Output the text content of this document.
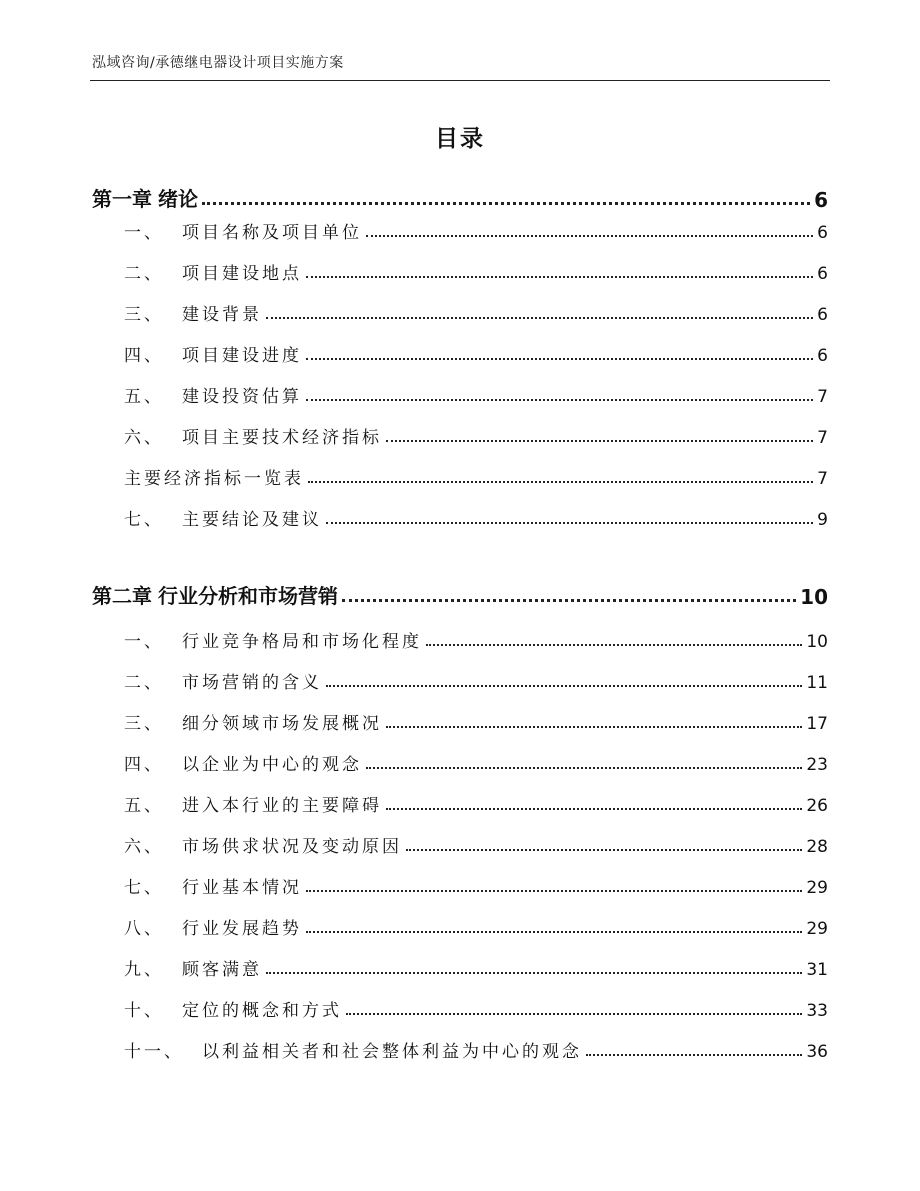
泓域咨询/承德继电器设计项目实施方案
目录
第一章 绪论	6
一、 项目名称及项目单位	6
二、 项目建设地点	6
三、 建设背景	6
四、 项目建设进度	6
五、 建设投资估算	7
六、 项目主要技术经济指标	7
主要经济指标一览表	7
七、 主要结论及建议	9
第二章 行业分析和市场营销	10
一、 行业竞争格局和市场化程度	10
二、 市场营销的含义	11
三、 细分领域市场发展概况	17
四、 以企业为中心的观念	23
五、 进入本行业的主要障碍	26
六、 市场供求状况及变动原因	28
七、 行业基本情况	29
八、 行业发展趋势	29
九、 顾客满意	31
十、 定位的概念和方式	33
十一、 以利益相关者和社会整体利益为中心的观念	36
